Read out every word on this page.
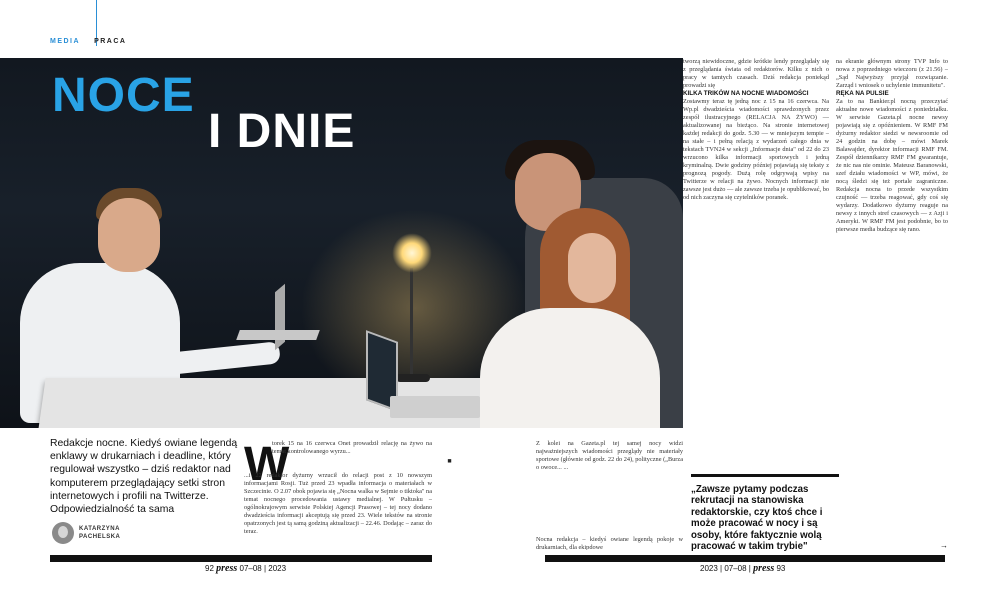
MEDIA PRACA
NOCE
I DNIE
Redakcje nocne. Kiedyś owiane legendą enklawy w drukarniach i deadline, który regulował wszystko – dziś redaktor nad komputerem przeglądający setki stron internetowych i profili na Twitterze. Odpowiedzialność ta sama
KATARZYNA
PACHELSKA
W
torek 15 na 16 czerwca Onet prowadził relację na żywo na temat kontrolowanego wyrzu...
...i 22 redaktor dyżurny wrzucił do relacji post z 10 nowszym informacjami Rosji. Tuż przed 23 wpadła informacja o materiałach w Szczecinie. O 2.07 obok pojawia się „Nocna walka w Sejmie o tiktoka" na temat nocnego procedowania ustawy medialnej. W Pułtusku – ogólnokrajowym serwisie Polskiej Agencji Prasowej – tej nocy dodano dwadzieścia informacji akceptują się przed 23. Wiele tekstów na stronie opatrzonych jest tą samą godziną aktualizacji – 22.46. Dodając – zaraz do teraz.
■
Z kolei na Gazeta.pl tej samej nocy widzi najważniejszych wiadomości przeglądy nie materiały sportowe (głównie od godz. 22 do 24), polityczne („Burza o owoce... ...
Nocna redakcja – kiedyś owiane legendą pokoje w drukarniach, dla ekipdowe
„Zawsze pytamy podczas rekrutacji na stanowiska redaktorskie, czy ktoś chce i może pracować w nocy i są osoby, które faktycznie wolą pracować w takim trybie"
tworzą niewidoczne, gdzie krótkie lendy przeglądały się z przeglądania świata od redaktorów. Kilku z nich o pracy w tamtych czasach. Dziś redakcja poniekąd prowadzi się
KILKA TRIKÓW NA NOCNE WIADOMOŚCI
Zostawmy teraz tę jedną noc z 15 na 16 czerwca. Na Wp.pl dwadzieścia wiadomości sprawdzonych przez zespół ilustracyjnego (RELACJA NA ŻYWO) — aktualizowanej na bieżąco. Na stronie internetowej każdej redakcji do godz. 5.30 — w mniejszym tempie – na stałe – i pełną relacją z wydarzeń całego dnia w tekstach TVN24 w sekcji „Informacje dnia" od 22 do 23 wrzucono kilka informacji sportowych i jedną kryminalną. Dwie godziny później pojawiają się teksty z prognozą pogody. Dużą rolę odgrywają wpisy na Twitterze w relacji na żywo. Nocnych informacji nie zawsze jest dużo — ale zawsze trzeba je opublikować, bo od nich zaczyna się czytelników poranek.
na ekranie głównym strony TVP Info to nowa z poprzedniego wieczoru (z 21.56) – „Sąd Najwyższy przyjął rozwiązanie. Zarząd i wniosek o uchylenie immunitetu".
RĘKA NA PULSIE
Za to na Bankier.pl nocną przeczytać aktualne nowe wiadomości z poniedziałku. W serwisie Gazeta.pl nocne newsy pojawiają się z opóźnieniem. W RMF FM dyżurny redaktor siedzi w newsroomie od 24 godzin na dobę – mówi Marek Balawajder, dyrektor informacji RMF FM. Zespół dziennikarzy RMF FM gwarantuje, że nic nas nie ominie. Mateusz Baranowski, szef działu wiadomości w WP, mówi, że nocą śledzi się też portale zagraniczne. Redakcja nocna to przede wszystkim czujność — trzeba reagować, gdy coś się wydarzy. Dodatkowo dyżurny reaguje na newsy z innych stref czasowych — z Azji i Ameryki. W RMF FM jest podobnie, bo to pierwsze media budzące się rano.
→
92 press 07–08 | 2023	2023 | 07–08 | press 93
